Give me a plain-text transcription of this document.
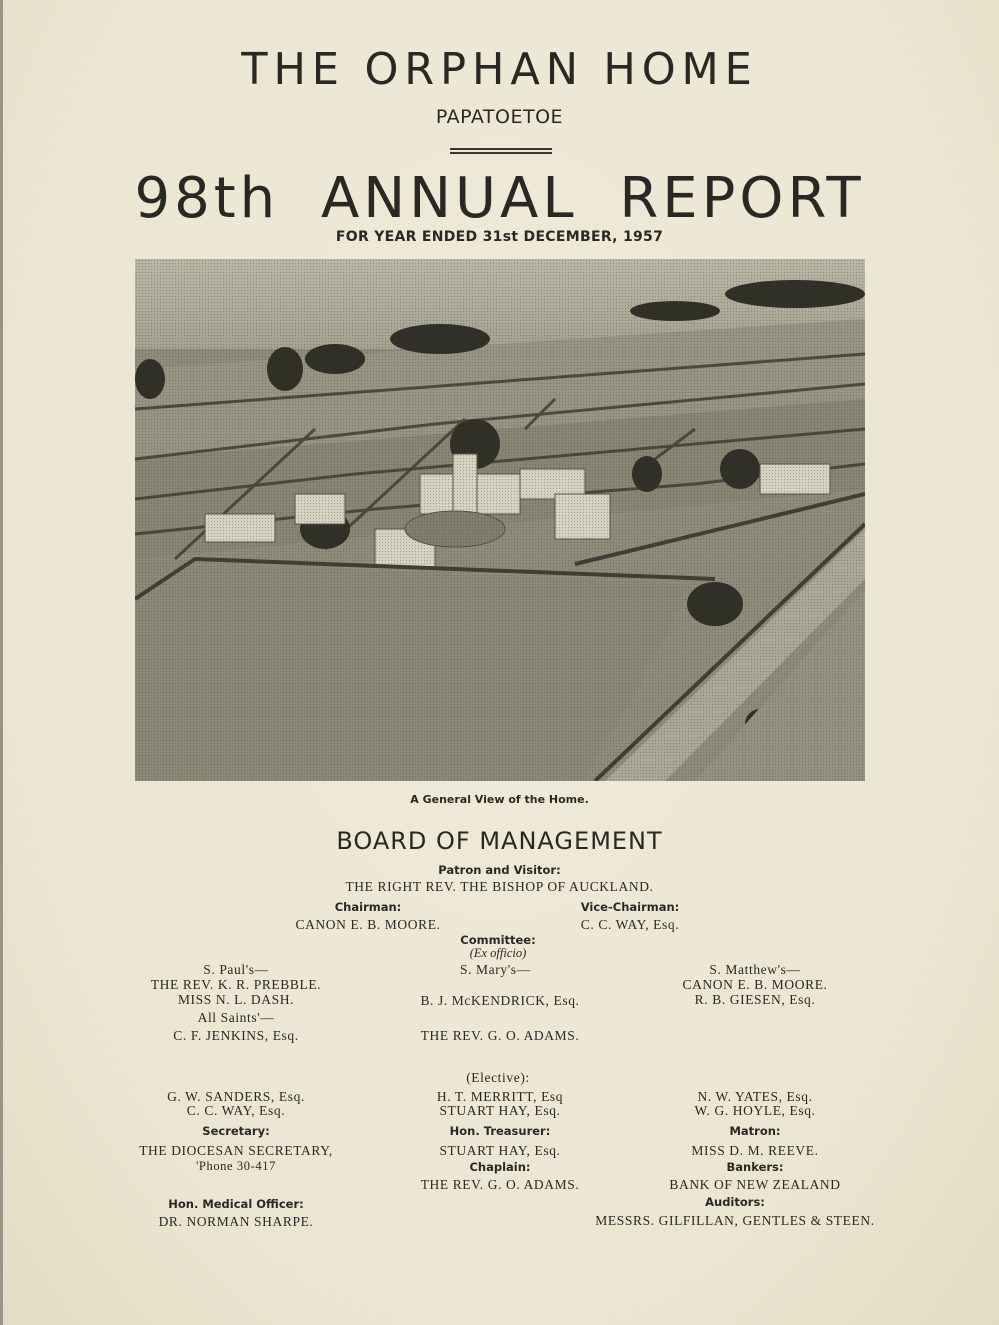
THE ORPHAN HOME
PAPATOETOE
98th ANNUAL REPORT
FOR YEAR ENDED 31st DECEMBER, 1957
A General View of the Home.
BOARD OF MANAGEMENT
Patron and Visitor:
THE RIGHT REV. THE BISHOP OF AUCKLAND.
Chairman:
CANON E. B. MOORE.
Vice-Chairman:
C. C. WAY, Esq.
Committee:
(Ex officio)
S. Paul's—
THE REV. K. R. PREBBLE.
MISS N. L. DASH.
All Saints'—
C. F. JENKINS, Esq.
S. Mary's—
B. J. McKENDRICK, Esq.
THE REV. G. O. ADAMS.
S. Matthew's—
CANON E. B. MOORE.
R. B. GIESEN, Esq.
(Elective):
G. W. SANDERS, Esq.
C. C. WAY, Esq.
H. T. MERRITT, Esq
STUART HAY, Esq.
N. W. YATES, Esq.
W. G. HOYLE, Esq.
Secretary:
THE DIOCESAN SECRETARY,
'Phone 30-417
Hon. Treasurer:
STUART HAY, Esq.
Matron:
MISS D. M. REEVE.
Chaplain:
THE REV. G. O. ADAMS.
Bankers:
BANK OF NEW ZEALAND
Hon. Medical Officer:
DR. NORMAN SHARPE.
Auditors:
MESSRS. GILFILLAN, GENTLES & STEEN.
